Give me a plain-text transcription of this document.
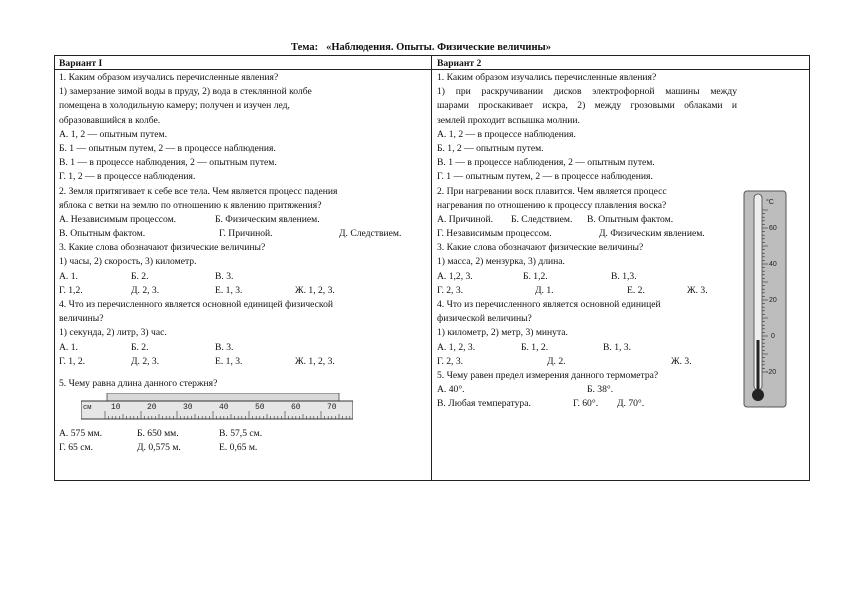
Тема: «Наблюдения. Опыты. Физические величины»
Вариант I
1. Каким образом изучались перечисленные явления?
1) замерзание зимой воды в пруду, 2) вода в стеклянной колбе
помещена в холодильную камеру; получен и изучен лед,
образовавшийся в колбе.
А. 1, 2 — опытным путем.
Б. 1 — опытным путем, 2 — в процессе наблюдения.
В. 1 — в процессе наблюдения, 2 — опытным путем.
Г. 1, 2 — в процессе наблюдения.
2. Земля притягивает к себе все тела. Чем является процесс падения
яблока с ветки на землю по отношению к явлению притяжения?
А. Независимым процессом.	Б. Физическим явлением.
В. Опытным фактом.	Г. Причиной.	Д. Следствием.
3. Какие слова обозначают физические величины?
1) часы, 2) скорость, 3) километр.
А. 1.	Б. 2.	В. 3.
Г. 1,2.	Д. 2, 3.	Е. 1, 3.	Ж. 1, 2, 3.
4. Что из перечисленного является основной единицей физической
величины?
1) секунда, 2) литр, 3) час.
А. 1.	Б. 2.	В. 3.
Г. 1, 2.	Д. 2, 3.	Е. 1, 3.	Ж. 1, 2, 3.
5. Чему равна длина данного стержня?
см 10	20	30	40	50	60	70
А. 575 мм.	Б. 650 мм.	В. 57,5 см.
Г. 65 см.	Д. 0,575 м.	Е. 0,65 м.
Вариант 2
1. Каким образом изучались перечисленные явления?
1) при раскручивании дисков электрофорной машины между
шарами проскакивает искра, 2) между грозовыми облаками и
землей проходит вспышка молнии.
А. 1, 2 — в процессе наблюдения.
Б. 1, 2 — опытным путем.
В. 1 — в процессе наблюдения, 2 — опытным путем.
Г. 1 — опытным путем, 2 — в процессе наблюдения.
2. При нагревании воск плавится. Чем является процесс
нагревания по отношению к процессу плавления воска?
А. Причиной. Б. Следствием. В. Опытным фактом.
Г. Независимым процессом.	Д. Физическим явлением.
3. Какие слова обозначают физические величины?
1) масса, 2) мензурка, 3) длина.
А. 1,2, 3.	Б. 1,2.	В. 1,3.
Г. 2, 3.	Д. 1.	Е. 2.	Ж. 3.
4. Что из перечисленного является основной единицей
физической величины?
1) километр, 2) метр, 3) минута.
А. 1, 2, 3.	Б. 1, 2.	В. 1, 3.
Г. 2, 3.	Д. 2.	Ж. 3.
5. Чему равен предел измерения данного термометра?
А. 40°.	Б. 38°.
В. Любая температура.	Г. 60°. Д. 70°.
°C
60
40
20
0
-20
